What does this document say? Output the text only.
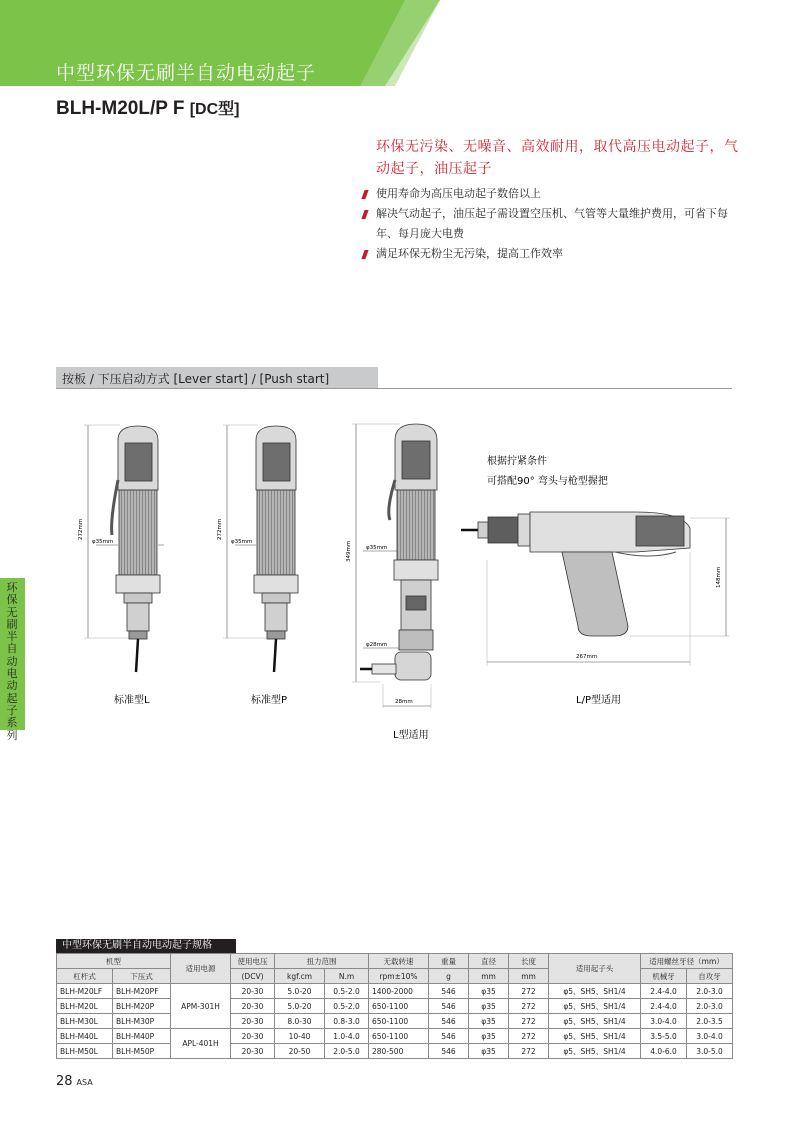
中型环保无刷半自动电动起子
BLH-M20L/P F [DC型]
环保无污染、无噪音、高效耐用，取代高压电动起子，气动起子，油压起子
使用寿命为高压电动起子数倍以上
解决气动起子，油压起子需设置空压机、气管等大量维护费用，可省下每年、每月庞大电费
满足环保无粉尘无污染，提高工作效率
按板 / 下压启动方式 [Lever start] / [Push start]
环保无刷半自动电动起子系列
272mm
φ35mm
272mm
φ35mm	349mm	φ35mm
φ28mm
28mm
148mm
267mm
根据拧紧条件
可搭配90° 弯头与枪型握把
标准型L	标准型P
L型适用
L/P型适用
中型环保无刷半自动电动起子规格
机型		适用电源	使用电压	扭力范围		无载转速	重量	直径	长度	适用起子头	适用螺丝牙径（mm）	
杠杆式	下压式		(DCV)	kgf.cm	N.m	rpm±10%	g	mm	mm		机械牙	自攻牙
BLH-M20LF	BLH-M20PF	APM-301H	20-30	5.0-20	0.5-2.0	1400-2000	546	φ35	272	φ5、SH5、SH1/4	2.4-4.0	2.0-3.0
BLH-M20L	BLH-M20P		20-30	5.0-20	0.5-2.0	650-1100	546	φ35	272	φ5、SH5、SH1/4	2.4-4.0	2.0-3.0
BLH-M30L	BLH-M30P		20-30	8.0-30	0.8-3.0	650-1100	546	φ35	272	φ5、SH5、SH1/4	3.0-4.0	2.0-3.5
BLH-M40L	BLH-M40P	APL-401H	20-30	10-40	1.0-4.0	650-1100	546	φ35	272	φ5、SH5、SH1/4	3.5-5.0	3.0-4.0
BLH-M50L	BLH-M50P		20-30	20-50	2.0-5.0	280-500	546	φ35	272	φ5、SH5、SH1/4	4.0-6.0	3.0-5.0
28 ASA
